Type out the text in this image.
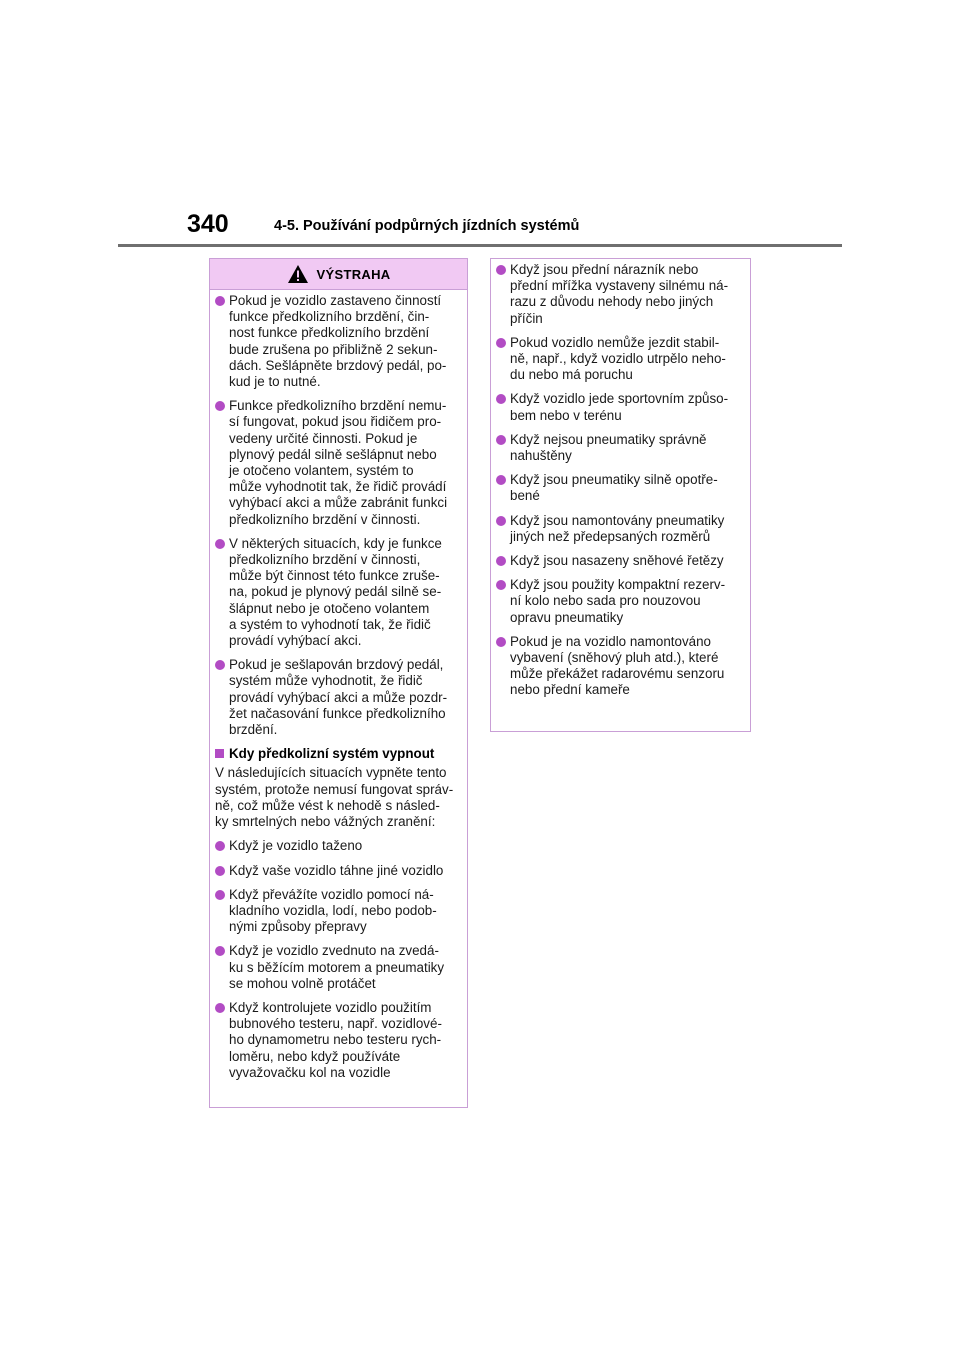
340	4-5. Používání podpůrných jízdních systémů
VÝSTRAHA
Pokud je vozidlo zastaveno činností
funkce předkolizního brzdění, čin-
nost funkce předkolizního brzdění
bude zrušena po přibližně 2 sekun-
dách. Sešlápněte brzdový pedál, po-
kud je to nutné.
Funkce předkolizního brzdění nemu-
sí fungovat, pokud jsou řidičem pro-
vedeny určité činnosti. Pokud je
plynový pedál silně sešlápnut nebo
je otočeno volantem, systém to
může vyhodnotit tak, že řidič provádí
vyhýbací akci a může zabránit funkci
předkolizního brzdění v činnosti.
V některých situacích, kdy je funkce
předkolizního brzdění v činnosti,
může být činnost této funkce zruše-
na, pokud je plynový pedál silně se-
šlápnut nebo je otočeno volantem
a systém to vyhodnotí tak, že řidič
provádí vyhýbací akci.
Pokud je sešlapován brzdový pedál,
systém může vyhodnotit, že řidič
provádí vyhýbací akci a může pozdr-
žet načasování funkce předkolizního
brzdění.
Kdy předkolizní systém vypnout
V následujících situacích vypněte tento
systém, protože nemusí fungovat správ-
ně, což může vést k nehodě s násled-
ky smrtelných nebo vážných zranění:
Když je vozidlo taženo
Když vaše vozidlo táhne jiné vozidlo
Když převážíte vozidlo pomocí ná-
kladního vozidla, lodí, nebo podob-
nými způsoby přepravy
Když je vozidlo zvednuto na zvedá-
ku s běžícím motorem a pneumatiky
se mohou volně protáčet
Když kontrolujete vozidlo použitím
bubnového testeru, např. vozidlové-
ho dynamometru nebo testeru rych-
loměru, nebo když používáte
vyvažovačku kol na vozidle
Když jsou přední nárazník nebo
přední mřížka vystaveny silnému ná-
razu z důvodu nehody nebo jiných
příčin
Pokud vozidlo nemůže jezdit stabil-
ně, např., když vozidlo utrpělo neho-
du nebo má poruchu
Když vozidlo jede sportovním způso-
bem nebo v terénu
Když nejsou pneumatiky správně
nahuštěny
Když jsou pneumatiky silně opotře-
bené
Když jsou namontovány pneumatiky
jiných než předepsaných rozměrů
Když jsou nasazeny sněhové řetězy
Když jsou použity kompaktní rezerv-
ní kolo nebo sada pro nouzovou
opravu pneumatiky
Pokud je na vozidlo namontováno
vybavení (sněhový pluh atd.), které
může překážet radarovému senzoru
nebo přední kameře
